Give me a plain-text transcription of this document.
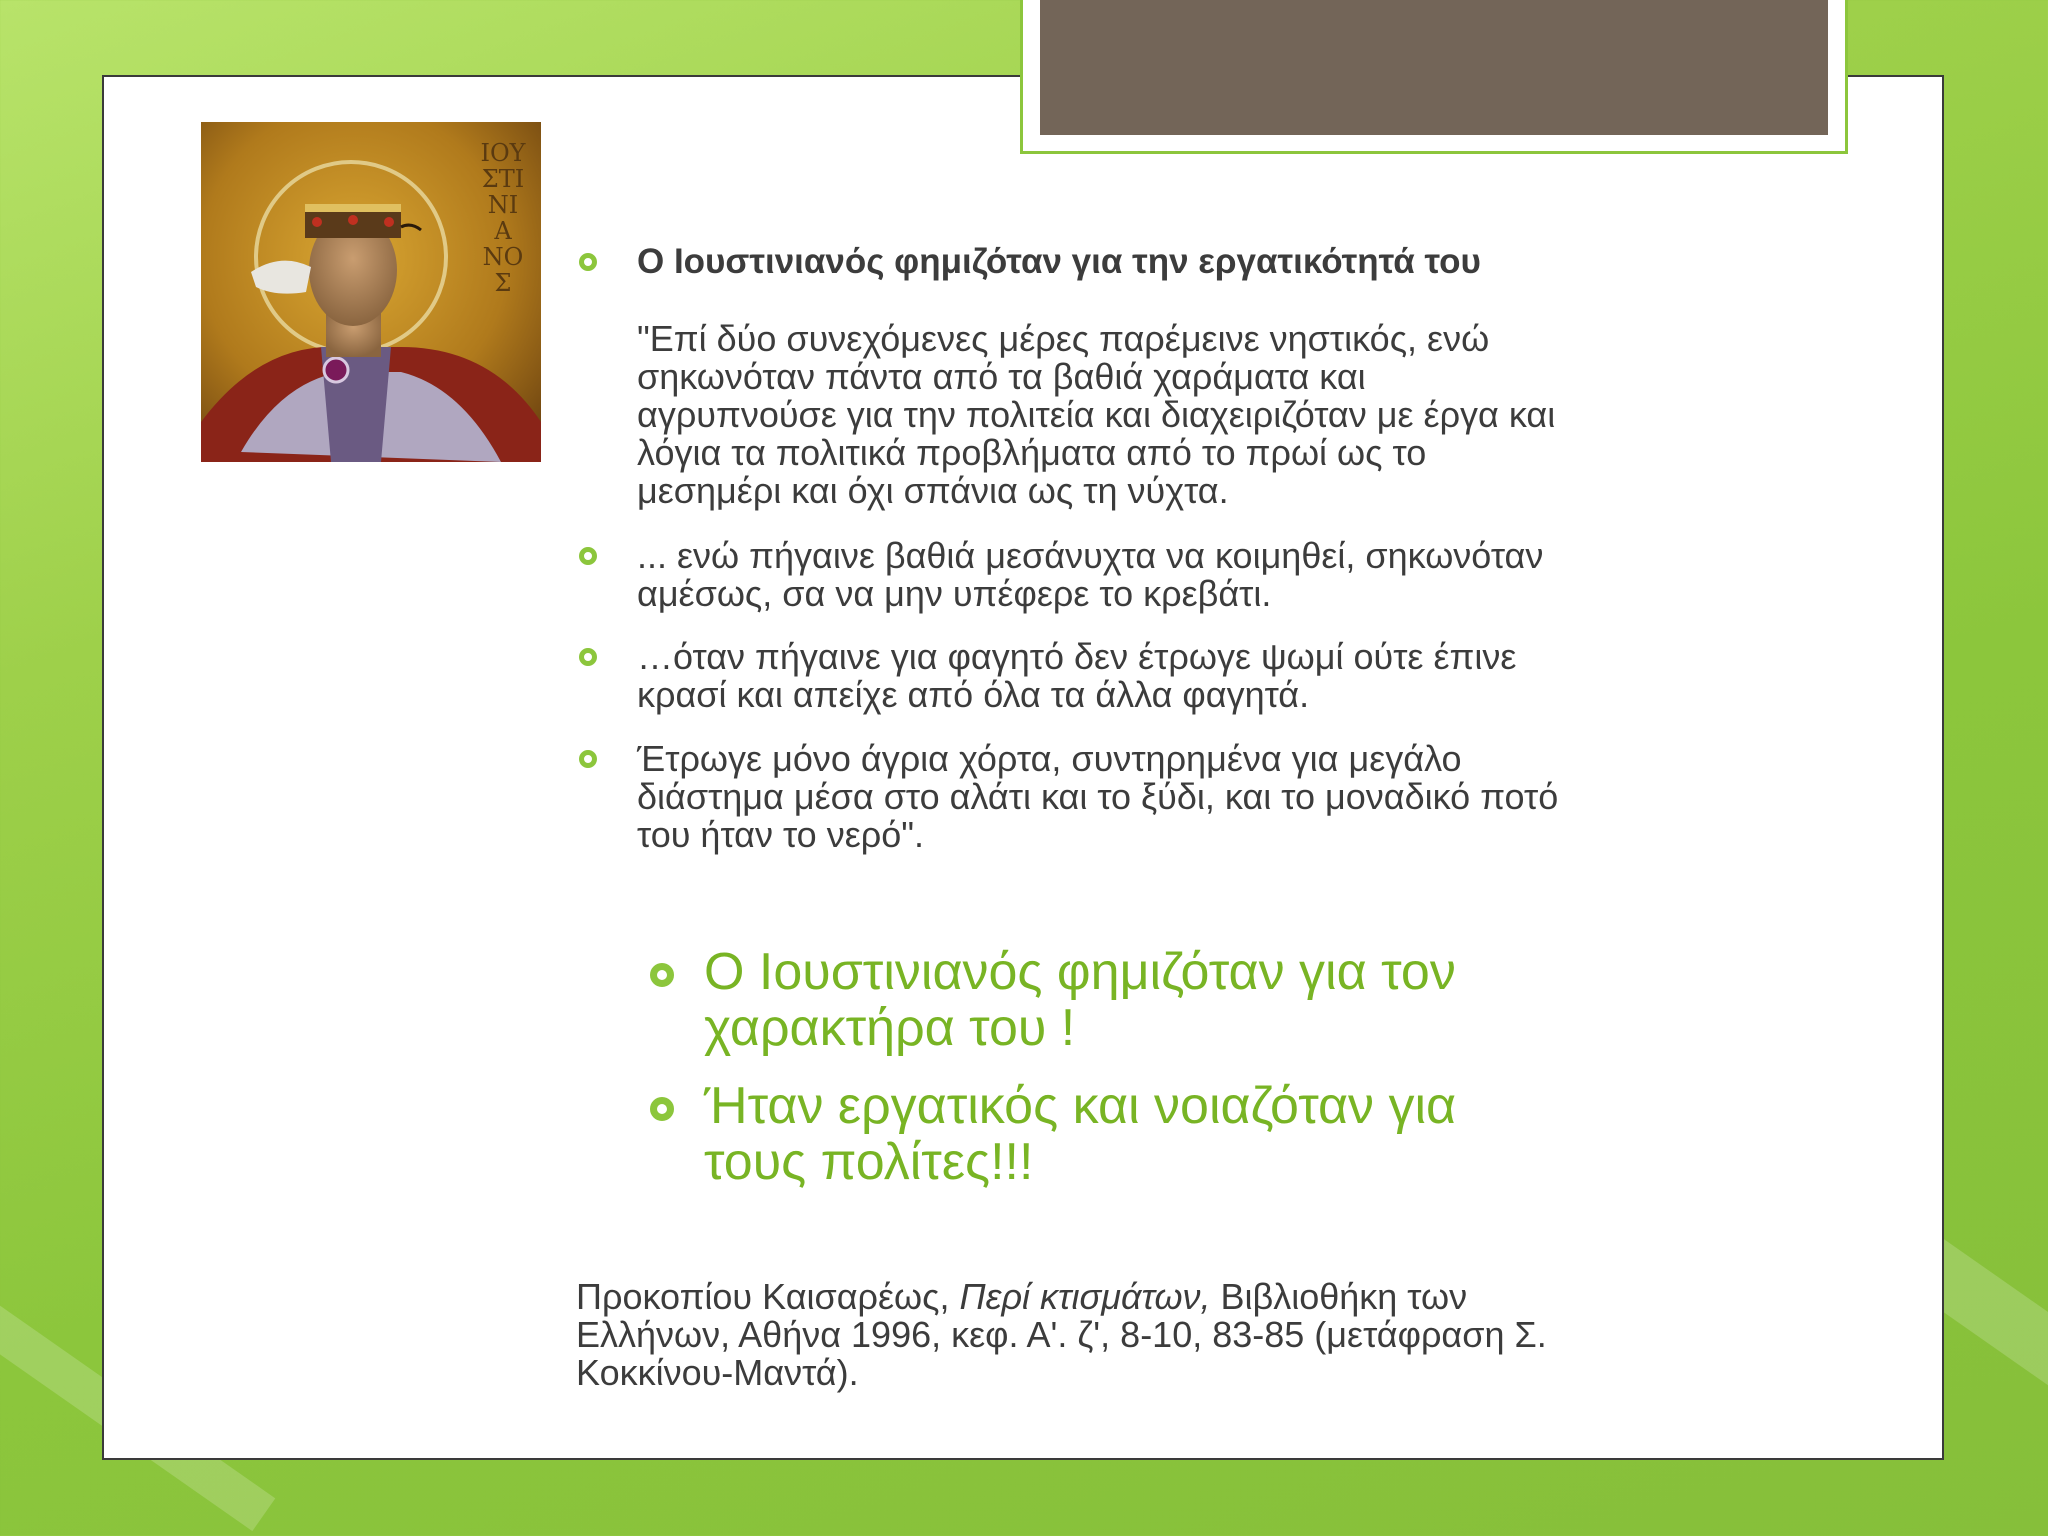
ΙΟΥ
ΣΤΙ
ΝΙ
Α
ΝΟ
Σ
Ο Ιουστινιανός φημιζόταν για την εργατικότητά του
"Επί δύο συνεχόμενες μέρες παρέμεινε νηστικός, ενώ
σηκωνόταν πάντα από τα βαθιά χαράματα και
αγρυπνούσε για την πολιτεία και διαχειριζόταν με έργα και
λόγια τα πολιτικά προβλήματα από το πρωί ως το
μεσημέρι και όχι σπάνια ως τη νύχτα.
... ενώ πήγαινε βαθιά μεσάνυχτα να κοιμηθεί, σηκωνόταν
αμέσως, σα να μην υπέφερε το κρεβάτι.
…όταν πήγαινε για φαγητό δεν έτρωγε ψωμί ούτε έπινε
κρασί και απείχε από όλα τα άλλα φαγητά.
Έτρωγε μόνο άγρια χόρτα, συντηρημένα για μεγάλο
διάστημα μέσα στο αλάτι και το ξύδι, και το μοναδικό ποτό
του ήταν το νερό".
Ο Ιουστινιανός φημιζόταν για τον
χαρακτήρα του !
Ήταν εργατικός και νοιαζόταν για
τους πολίτες!!!
Προκοπίου Καισαρέως, Περί κτισμάτων, Βιβλιοθήκη των
Ελλήνων, Αθήνα 1996, κεφ. Α'. ζ', 8-10, 83-85 (μετάφραση Σ.
Κοκκίνου-Μαντά).
